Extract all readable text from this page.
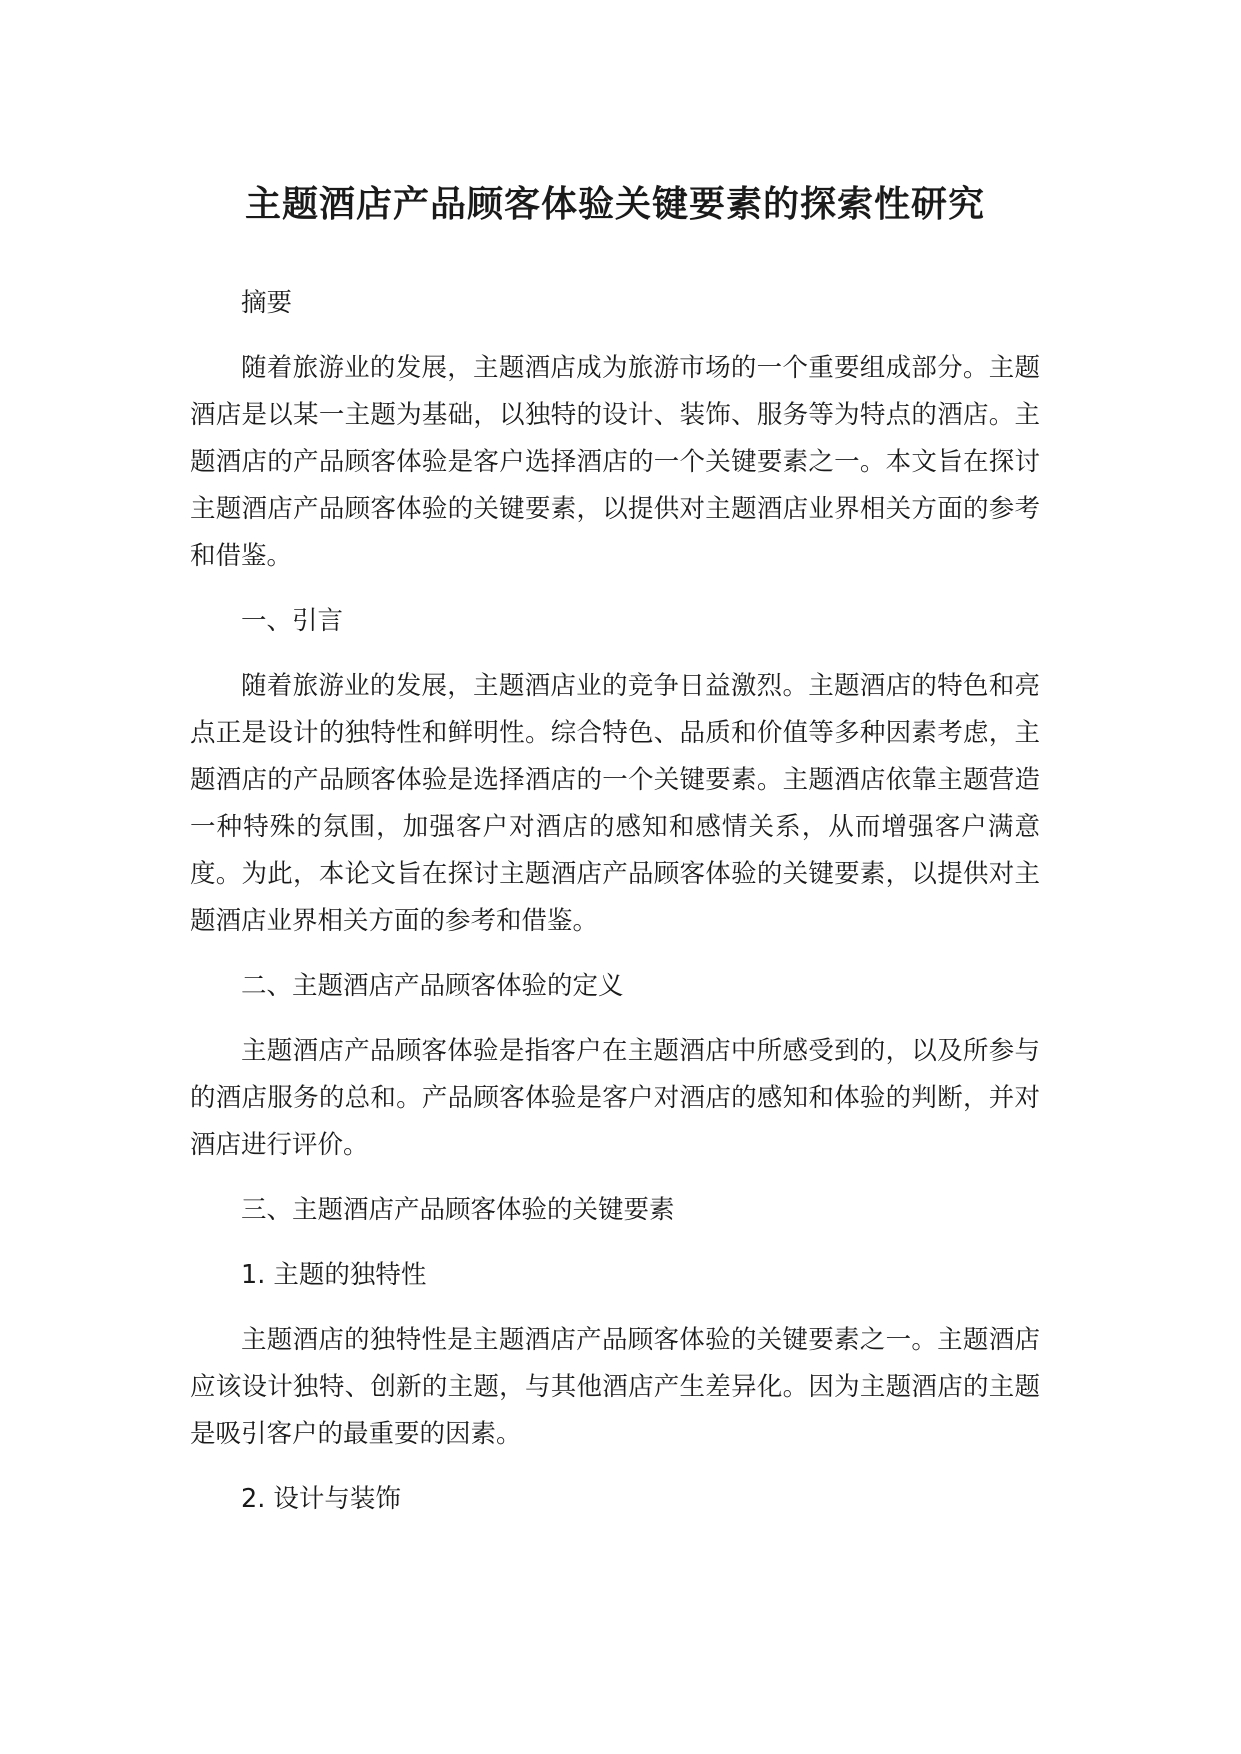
主题酒店产品顾客体验关键要素的探索性研究

摘要

随着旅游业的发展，主题酒店成为旅游市场的一个重要组成部分。主题酒店是以某一主题为基础，以独特的设计、装饰、服务等为特点的酒店。主题酒店的产品顾客体验是客户选择酒店的一个关键要素之一。本文旨在探讨主题酒店产品顾客体验的关键要素，以提供对主题酒店业界相关方面的参考和借鉴。

一、引言

随着旅游业的发展，主题酒店业的竞争日益激烈。主题酒店的特色和亮点正是设计的独特性和鲜明性。综合特色、品质和价值等多种因素考虑，主题酒店的产品顾客体验是选择酒店的一个关键要素。主题酒店依靠主题营造一种特殊的氛围，加强客户对酒店的感知和感情关系，从而增强客户满意度。为此，本论文旨在探讨主题酒店产品顾客体验的关键要素，以提供对主题酒店业界相关方面的参考和借鉴。

二、主题酒店产品顾客体验的定义

主题酒店产品顾客体验是指客户在主题酒店中所感受到的，以及所参与的酒店服务的总和。产品顾客体验是客户对酒店的感知和体验的判断，并对酒店进行评价。

三、主题酒店产品顾客体验的关键要素

1. 主题的独特性

主题酒店的独特性是主题酒店产品顾客体验的关键要素之一。主题酒店应该设计独特、创新的主题，与其他酒店产生差异化。因为主题酒店的主题是吸引客户的最重要的因素。

2. 设计与装饰
